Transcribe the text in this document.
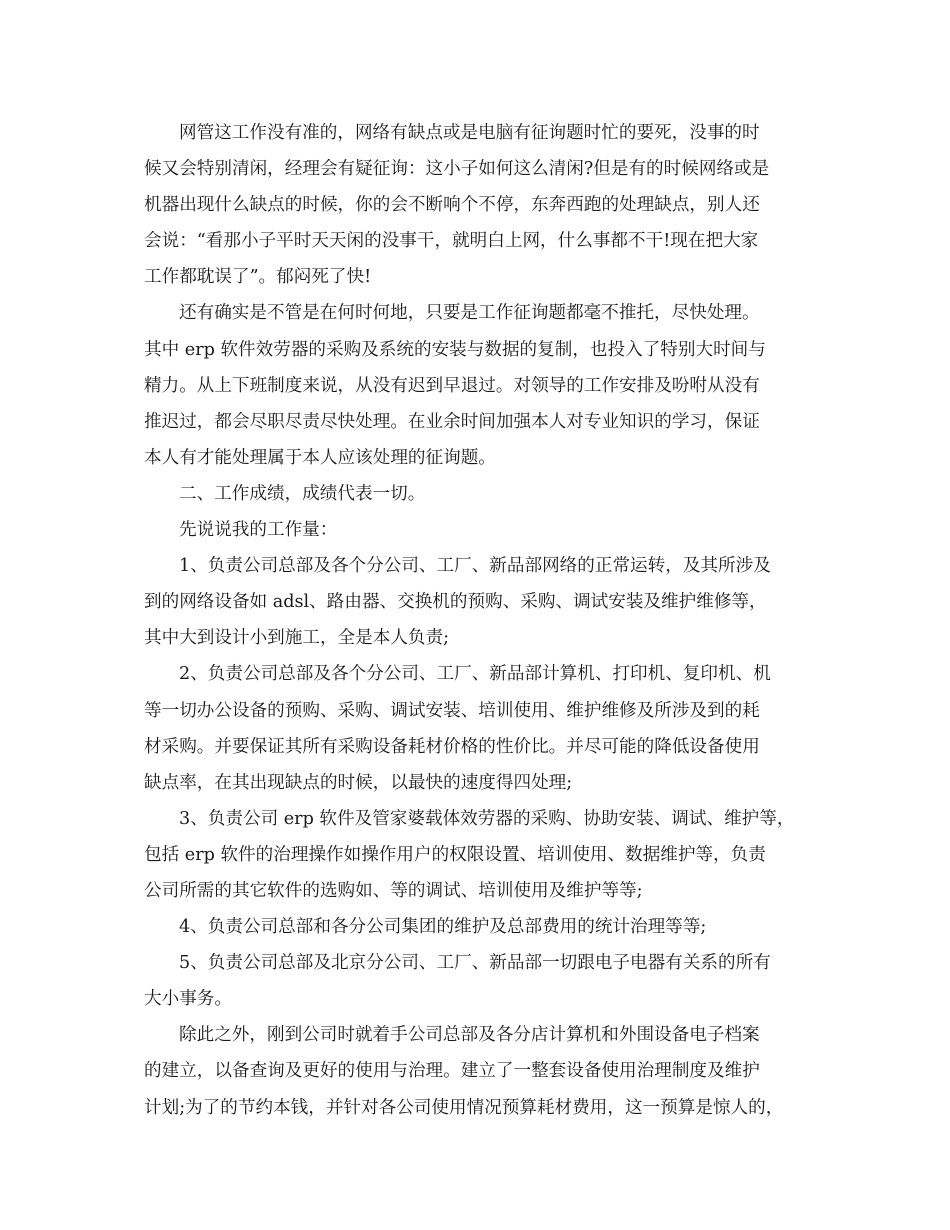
网管这工作没有准的，网络有缺点或是电脑有征询题时忙的要死，没事的时
候又会特别清闲，经理会有疑征询：这小子如何这么清闲?但是有的时候网络或是
机器出现什么缺点的时候，你的会不断响个不停，东奔西跑的处理缺点，别人还
会说：“看那小子平时天天闲的没事干，就明白上网，什么事都不干!现在把大家
工作都耽误了”。郁闷死了快!
还有确实是不管是在何时何地，只要是工作征询题都毫不推托，尽快处理。
其中 erp 软件效劳器的采购及系统的安装与数据的复制，也投入了特别大时间与
精力。从上下班制度来说，从没有迟到早退过。对领导的工作安排及吩咐从没有
推迟过，都会尽职尽责尽快处理。在业余时间加强本人对专业知识的学习，保证
本人有才能处理属于本人应该处理的征询题。
二、工作成绩，成绩代表一切。
先说说我的工作量：
1、负责公司总部及各个分公司、工厂、新品部网络的正常运转，及其所涉及
到的网络设备如 adsl、路由器、交换机的预购、采购、调试安装及维护维修等，
其中大到设计小到施工，全是本人负责;
2、负责公司总部及各个分公司、工厂、新品部计算机、打印机、复印机、机
等一切办公设备的预购、采购、调试安装、培训使用、维护维修及所涉及到的耗
材采购。并要保证其所有采购设备耗材价格的性价比。并尽可能的降低设备使用
缺点率，在其出现缺点的时候，以最快的速度得四处理;
3、负责公司 erp 软件及管家婆载体效劳器的采购、协助安装、调试、维护等，
包括 erp 软件的治理操作如操作用户的权限设置、培训使用、数据维护等，负责
公司所需的其它软件的选购如、等的调试、培训使用及维护等等;
4、负责公司总部和各分公司集团的维护及总部费用的统计治理等等;
5、负责公司总部及北京分公司、工厂、新品部一切跟电子电器有关系的所有
大小事务。
除此之外，刚到公司时就着手公司总部及各分店计算机和外围设备电子档案
的建立，以备查询及更好的使用与治理。建立了一整套设备使用治理制度及维护
计划;为了的节约本钱，并针对各公司使用情况预算耗材费用，这一预算是惊人的，
